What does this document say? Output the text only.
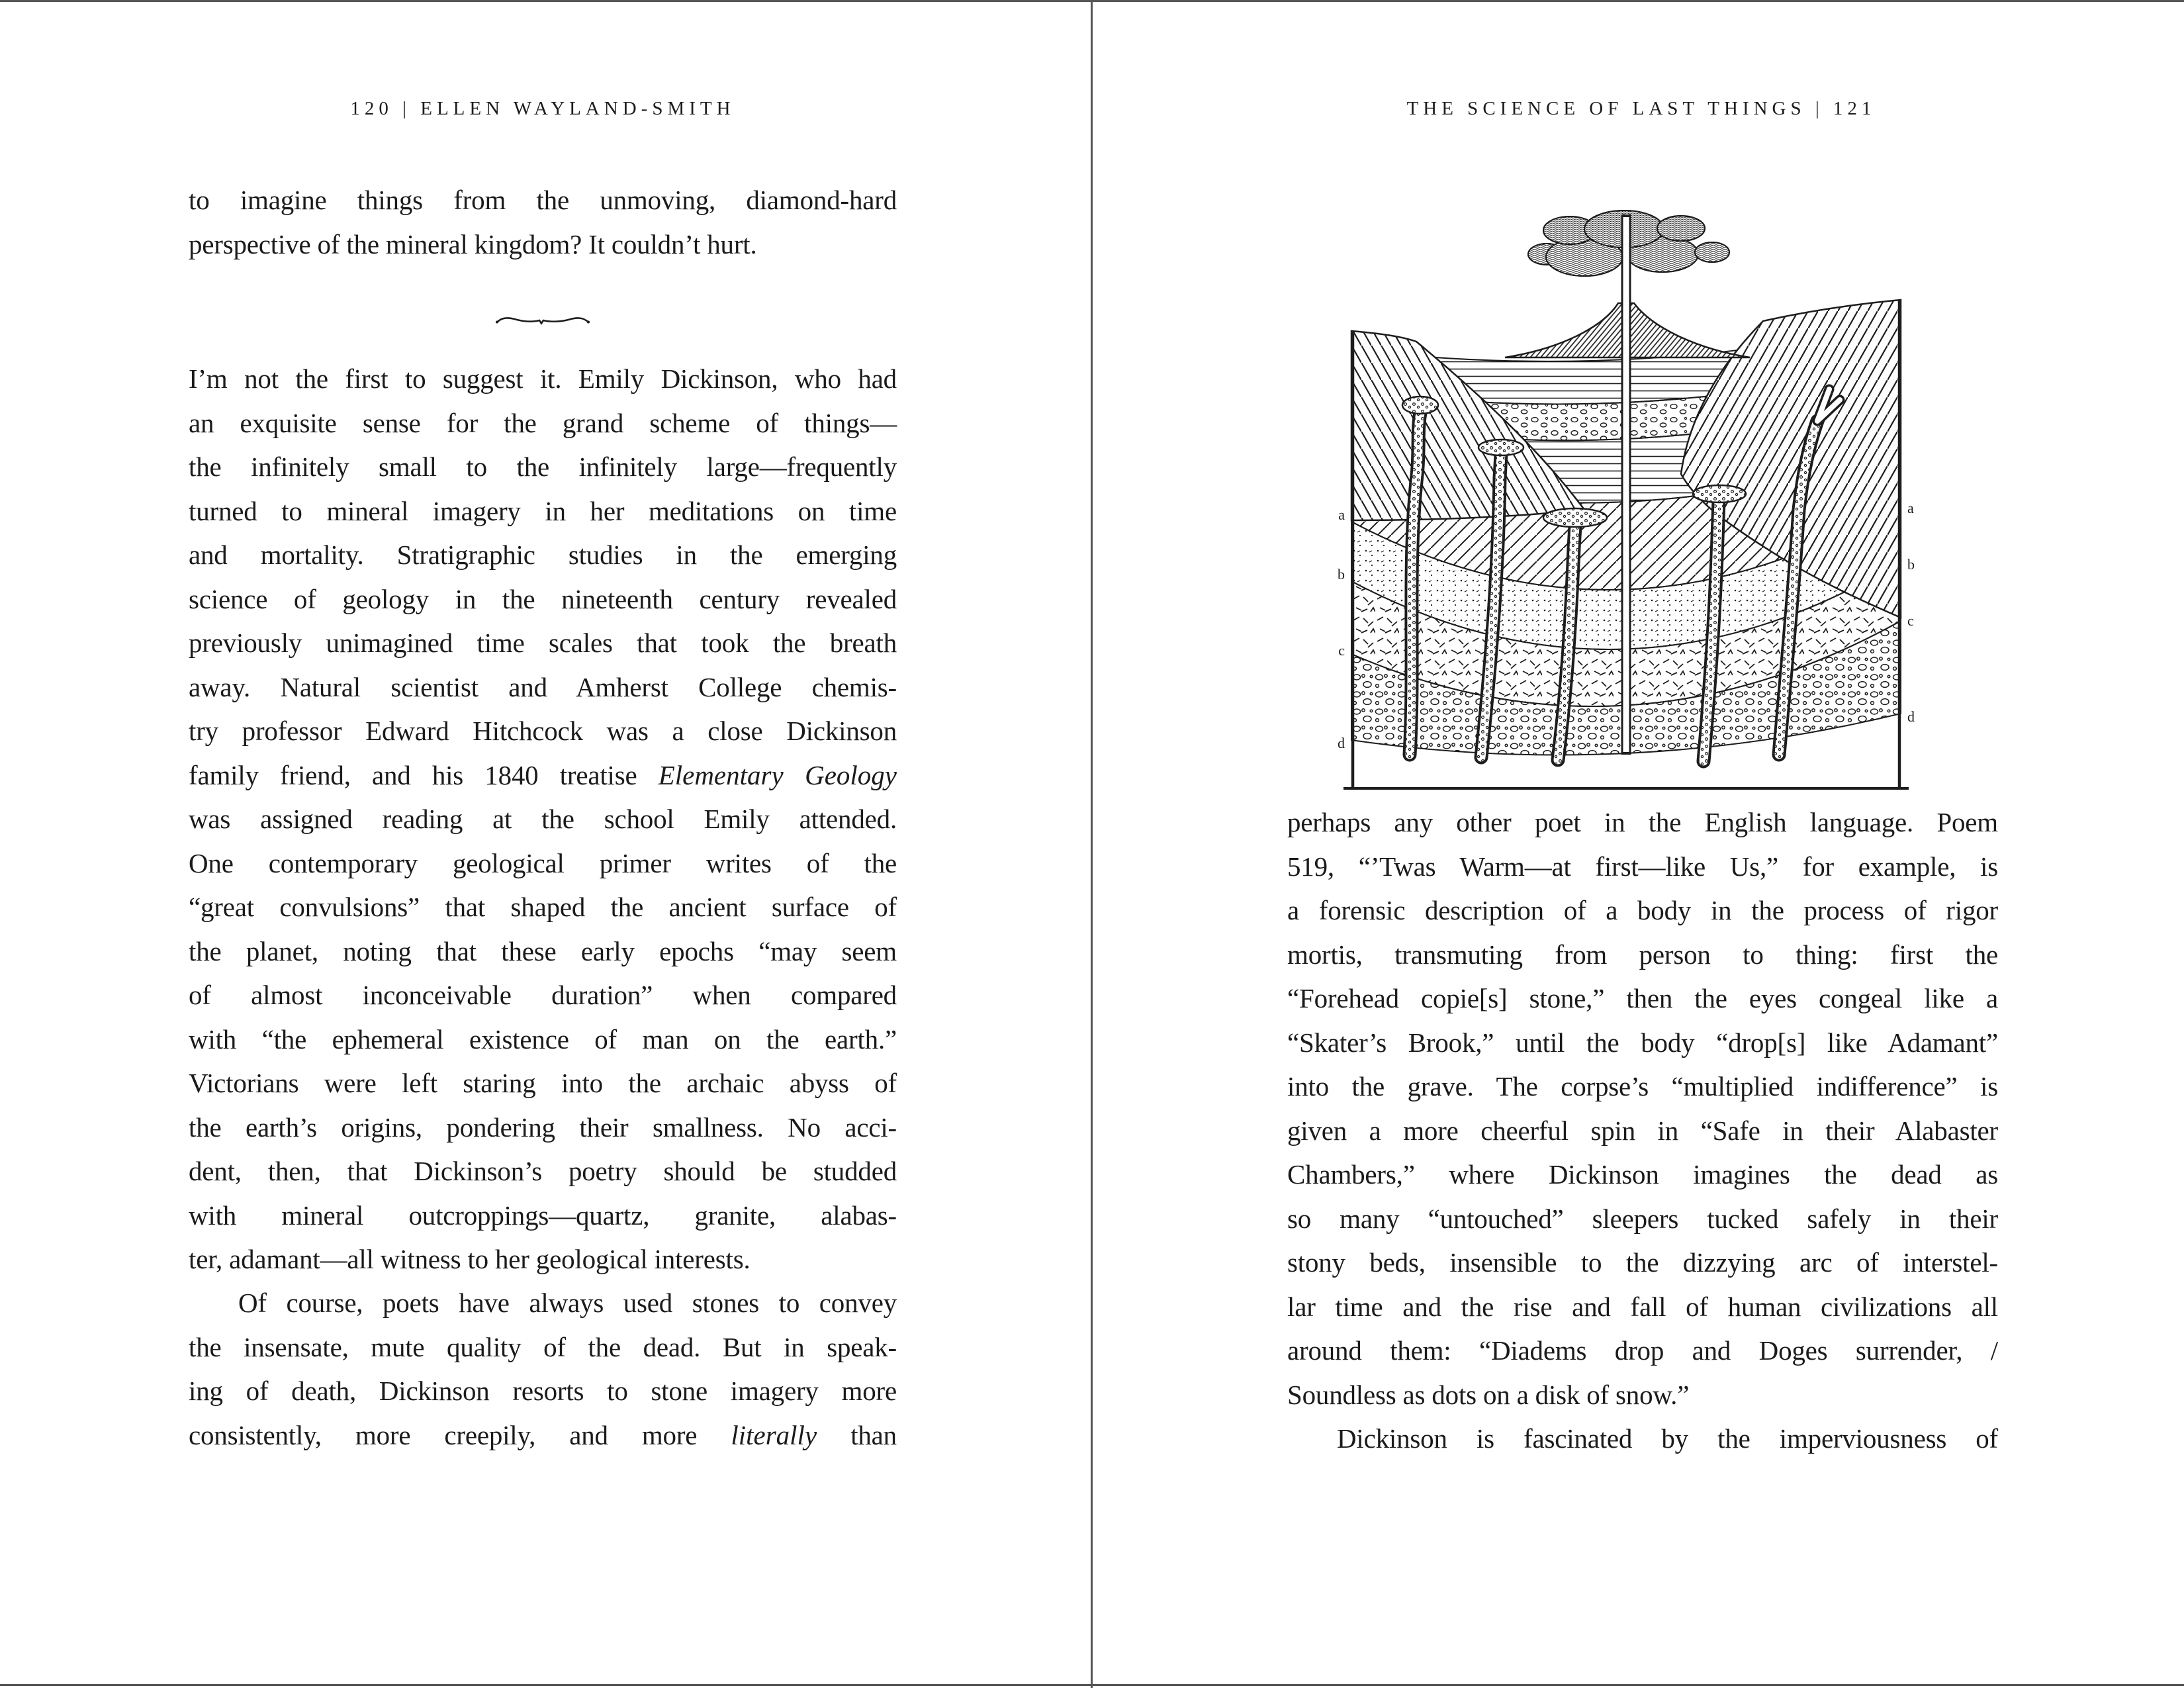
120 | ELLEN WAYLAND-SMITH
to imagine things from the unmoving, diamond-hard
perspective of the mineral kingdom? It couldn’t hurt.
I’m not the first to suggest it. Emily Dickinson, who had
an exquisite sense for the grand scheme of things—
the infinitely small to the infinitely large—frequently
turned to mineral imagery in her meditations on time
and mortality. Stratigraphic studies in the emerging
science of geology in the nineteenth century revealed
previously unimagined time scales that took the breath
away. Natural scientist and Amherst College chemis-
try professor Edward Hitchcock was a close Dickinson
family friend, and his 1840 treatise Elementary Geology
was assigned reading at the school Emily attended.
One contemporary geological primer writes of the
“great convulsions” that shaped the ancient surface of
the planet, noting that these early epochs “may seem
of almost inconceivable duration” when compared
with “the ephemeral existence of man on the earth.”
Victorians were left staring into the archaic abyss of
the earth’s origins, pondering their smallness. No acci-
dent, then, that Dickinson’s poetry should be studded
with mineral outcroppings—quartz, granite, alabas-
ter, adamant—all witness to her geological interests.
Of course, poets have always used stones to convey
the insensate, mute quality of the dead. But in speak-
ing of death, Dickinson resorts to stone imagery more
consistently, more creepily, and more literally than
THE SCIENCE OF LAST THINGS | 121
a
b
c
d
a
b
c
d
perhaps any other poet in the English language. Poem
519, “’Twas Warm—at first—like Us,” for example, is
a forensic description of a body in the process of rigor
mortis, transmuting from person to thing: first the
“Forehead copie[s] stone,” then the eyes congeal like a
“Skater’s Brook,” until the body “drop[s] like Adamant”
into the grave. The corpse’s “multiplied indifference” is
given a more cheerful spin in “Safe in their Alabaster
Chambers,” where Dickinson imagines the dead as
so many “untouched” sleepers tucked safely in their
stony beds, insensible to the dizzying arc of interstel-
lar time and the rise and fall of human civilizations all
around them: “Diadems drop and Doges surrender, /
Soundless as dots on a disk of snow.”
Dickinson is fascinated by the imperviousness of
